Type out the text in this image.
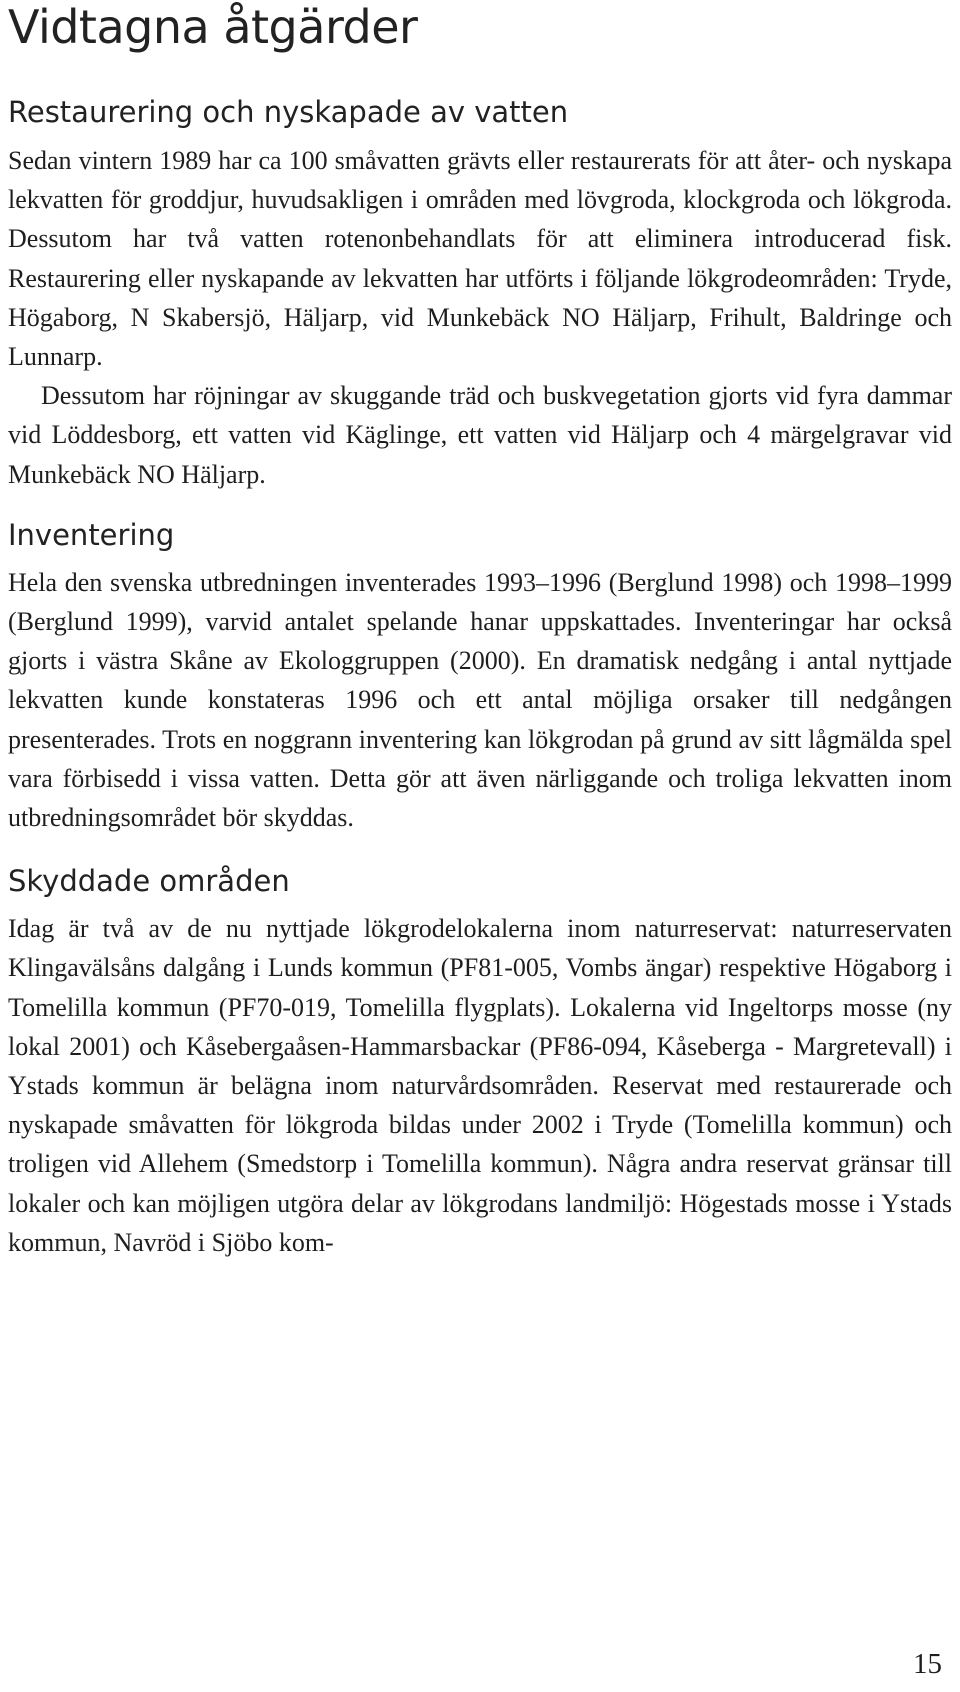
Vidtagna åtgärder
Restaurering och nyskapade av vatten

Sedan vintern 1989 har ca 100 småvatten grävts eller restaurerats för att åter- och nyskapa lekvatten för groddjur, huvudsakligen i områden med lövgroda, klockgroda och lökgroda. Dessutom har två vatten rotenonbehandlats för att eliminera introducerad fisk. Restaurering eller nyskapande av lekvatten har utförts i följande lökgrodeområden: Tryde, Högaborg, N Skabersjö, Häljarp, vid Munkebäck NO Häljarp, Frihult, Baldringe och Lunnarp.

Dessutom har röjningar av skuggande träd och buskvegetation gjorts vid fyra dammar vid Löddesborg, ett vatten vid Käglinge, ett vatten vid Häljarp och 4 märgelgravar vid Munkebäck NO Häljarp.

Inventering

Hela den svenska utbredningen inventerades 1993–1996 (Berglund 1998) och 1998–1999 (Berglund 1999), varvid antalet spelande hanar uppskattades. Inventeringar har också gjorts i västra Skåne av Ekologgruppen (2000). En dramatisk nedgång i antal nyttjade lekvatten kunde konstateras 1996 och ett antal möjliga orsaker till nedgången presenterades. Trots en noggrann inventering kan lökgrodan på grund av sitt lågmälda spel vara förbisedd i vissa vatten. Detta gör att även närliggande och troliga lekvatten inom utbredningsområdet bör skyddas.

Skyddade områden

Idag är två av de nu nyttjade lökgrodelokalerna inom naturreservat: naturreservaten Klingavälsåns dalgång i Lunds kommun (PF81-005, Vombs ängar) respektive Högaborg i Tomelilla kommun (PF70-019, Tomelilla flygplats). Lokalerna vid Ingeltorps mosse (ny lokal 2001) och Kåsebergaåsen-Hammarsbackar (PF86-094, Kåseberga - Margretevall) i Ystads kommun är belägna inom naturvårdsområden. Reservat med restaurerade och nyskapade småvatten för lökgroda bildas under 2002 i Tryde (Tomelilla kommun) och troligen vid Allehem (Smedstorp i Tomelilla kommun). Några andra reservat gränsar till lokaler och kan möjligen utgöra delar av lökgrodans landmiljö: Högestads mosse i Ystads kommun, Navröd i Sjöbo kom-

15
